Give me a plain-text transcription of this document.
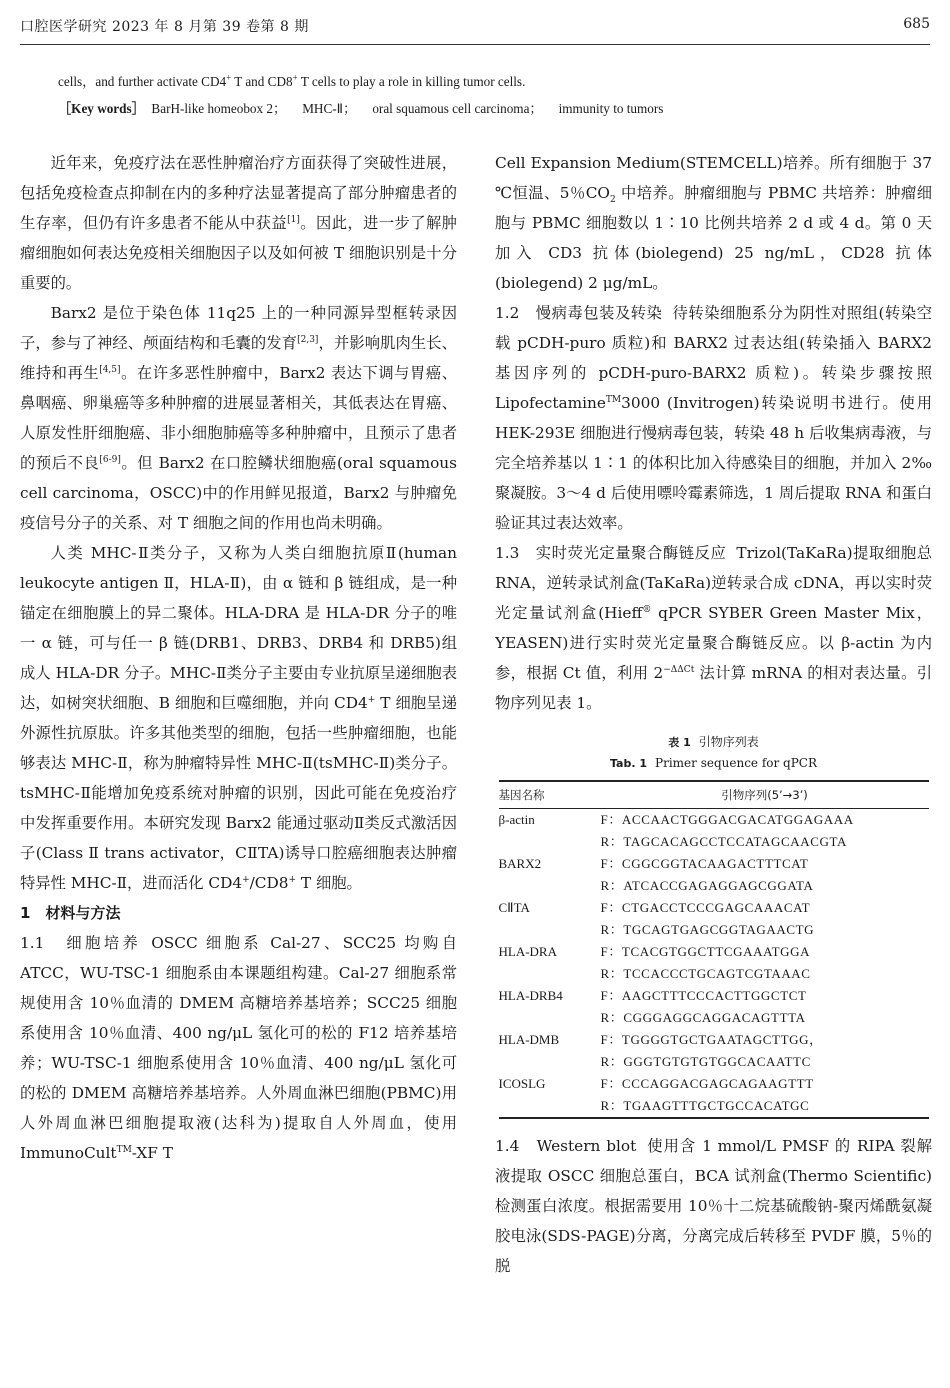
口腔医学研究 2023 年 8 月第 39 卷第 8 期	685

cells，and further activate CD4+ T and CD8+ T cells to play a role in killing tumor cells.

［Key words］ BarH-like homeobox 2； MHC-Ⅱ； oral squamous cell carcinoma； immunity to tumors

近年来，免疫疗法在恶性肿瘤治疗方面获得了突破性进展，包括免疫检查点抑制在内的多种疗法显著提高了部分肿瘤患者的生存率，但仍有许多患者不能从中获益[1]。因此，进一步了解肿瘤细胞如何表达免疫相关细胞因子以及如何被 T 细胞识别是十分重要的。

Barx2 是位于染色体 11q25 上的一种同源异型框转录因子，参与了神经、颅面结构和毛囊的发育[2,3]，并影响肌肉生长、维持和再生[4,5]。在许多恶性肿瘤中，Barx2 表达下调与胃癌、鼻咽癌、卵巢癌等多种肿瘤的进展显著相关，其低表达在胃癌、人原发性肝细胞癌、非小细胞肺癌等多种肿瘤中，且预示了患者的预后不良[6-9]。但 Barx2 在口腔鳞状细胞癌(oral squamous cell carcinoma，OSCC)中的作用鲜见报道，Barx2 与肿瘤免疫信号分子的关系、对 T 细胞之间的作用也尚未明确。

人类 MHC-Ⅱ类分子，又称为人类白细胞抗原Ⅱ(human leukocyte antigen Ⅱ，HLA-Ⅱ)，由 α 链和 β 链组成，是一种锚定在细胞膜上的异二聚体。HLA-DRA 是 HLA-DR 分子的唯一 α 链，可与任一 β 链(DRB1、DRB3、DRB4 和 DRB5)组成人 HLA-DR 分子。MHC-Ⅱ类分子主要由专业抗原呈递细胞表达，如树突状细胞、B 细胞和巨噬细胞，并向 CD4+ T 细胞呈递外源性抗原肽。许多其他类型的细胞，包括一些肿瘤细胞，也能够表达 MHC-Ⅱ，称为肿瘤特异性 MHC-Ⅱ(tsMHC-Ⅱ)类分子。tsMHC-Ⅱ能增加免疫系统对肿瘤的识别，因此可能在免疫治疗中发挥重要作用。本研究发现 Barx2 能通过驱动Ⅱ类反式激活因子(Class Ⅱ trans activator，CⅡTA)诱导口腔癌细胞表达肿瘤特异性 MHC-Ⅱ，进而活化 CD4+/CD8+ T 细胞。

1　材料与方法

1.1　细胞培养 OSCC 细胞系 Cal-27、SCC25 均购自 ATCC，WU-TSC-1 细胞系由本课题组构建。Cal-27 细胞系常规使用含 10％血清的 DMEM 高糖培养基培养；SCC25 细胞系使用含 10％血清、400 ng/μL 氢化可的松的 F12 培养基培养；WU-TSC-1 细胞系使用含 10％血清、400 ng/μL 氢化可的松的 DMEM 高糖培养基培养。人外周血淋巴细胞(PBMC)用人外周血淋巴细胞提取液(达科为)提取自人外周血，使用 ImmunoCult™-XF T

Cell Expansion Medium(STEMCELL)培养。所有细胞于 37 ℃恒温、5％$CO_2$ 中培养。肿瘤细胞与 PBMC 共培养：肿瘤细胞与 PBMC 细胞数以 1∶10 比例共培养 2 d 或 4 d。第 0 天加入 CD3 抗体(biolegend) 25 ng/mL，CD28 抗体(biolegend) 2 μg/mL。

1.2　慢病毒包装及转染 待转染细胞系分为阴性对照组(转染空载 pCDH-puro 质粒)和 BARX2 过表达组(转染插入 BARX2 基因序列的 pCDH-puro-BARX2 质粒)。转染步骤按照 Lipofectamine™3000 (Invitrogen)转染说明书进行。使用 HEK-293E 细胞进行慢病毒包装，转染 48 h 后收集病毒液，与完全培养基以 1∶1 的体积比加入待感染目的细胞，并加入 2‰聚凝胺。3～4 d 后使用嘌呤霉素筛选，1 周后提取 RNA 和蛋白验证其过表达效率。

1.3　实时荧光定量聚合酶链反应 Trizol(TaKaRa)提取细胞总 RNA，逆转录试剂盒(TaKaRa)逆转录合成 cDNA，再以实时荧光定量试剂盒(Hieff® qPCR SYBER Green Master Mix，YEASEN)进行实时荧光定量聚合酶链反应。以 β-actin 为内参，根据 Ct 值，利用 $2^{-\Delta\Delta Ct}$ 法计算 mRNA 的相对表达量。引物序列见表 1。

表 1 引物序列表
Tab. 1 Primer sequence for qPCR
基因名称	引物序列(5’→3’)
β-actin	F：ACCAACTGGGACGACATGGAGAAA
	R：TAGCACAGCCTCCATAGCAACGTA
BARX2	F：CGGCGGTACAAGACTTTCAT
	R：ATCACCGAGAGGAGCGGATA
CⅡTA	F：CTGACCTCCCGAGCAAACAT
	R：TGCAGTGAGCGGTAGAACTG
HLA-DRA	F：TCACGTGGCTTCGAAATGGA
	R：TCCACCCTGCAGTCGTAAAC
HLA-DRB4	F：AAGCTTTCCCACTTGGCTCT
	R：CGGGAGGCAGGACAGTTTA
HLA-DMB	F：TGGGGTGCTGAATAGCTTGG，
	R：GGGTGTGTGTGGCACAATTC
ICOSLG	F：CCCAGGACGAGCAGAAGTTT
	R：TGAAGTTTGCTGCCACATGC

1.4　Western blot 使用含 1 mmol/L PMSF 的 RIPA 裂解液提取 OSCC 细胞总蛋白，BCA 试剂盒(Thermo Scientific)检测蛋白浓度。根据需要用 10％十二烷基硫酸钠-聚丙烯酰氨凝胶电泳(SDS-PAGE)分离，分离完成后转移至 PVDF 膜，5％的脱
